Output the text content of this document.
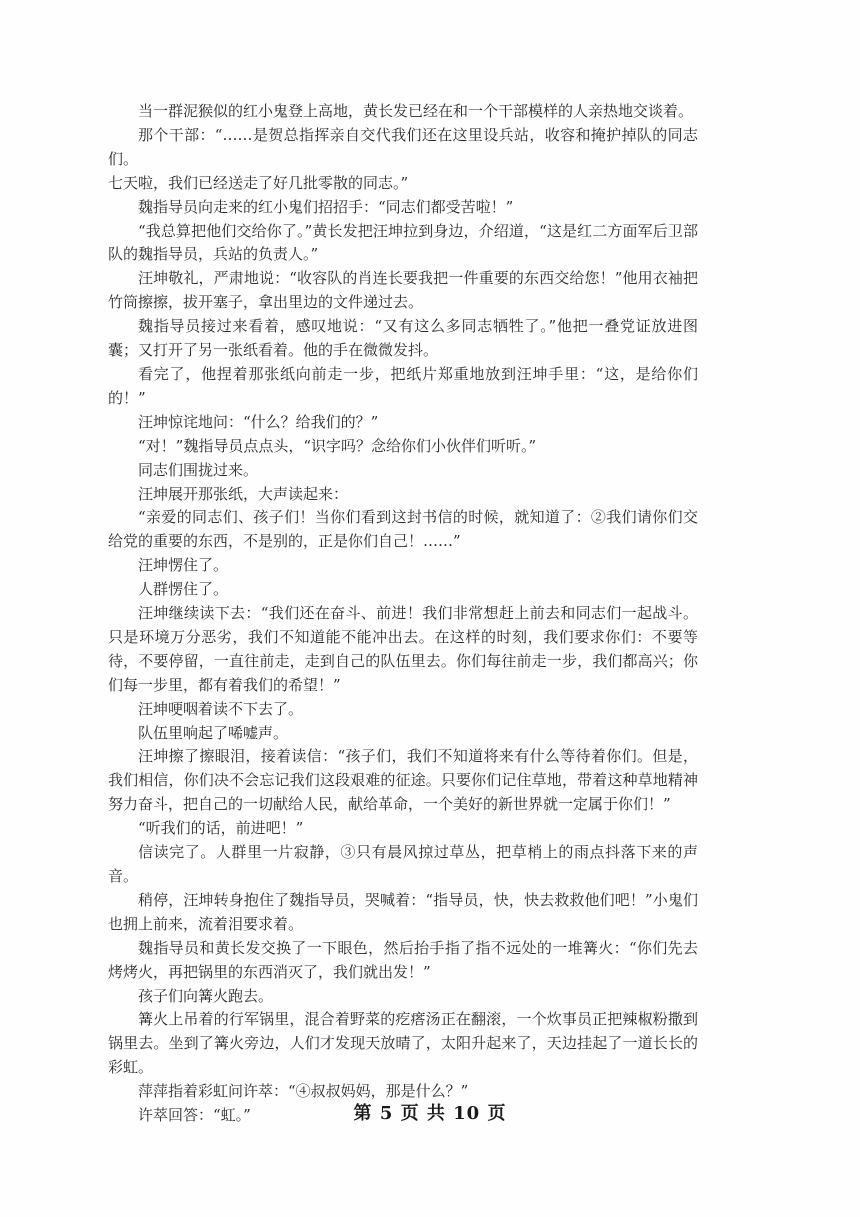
当一群泥猴似的红小鬼登上高地，黄长发已经在和一个干部模样的人亲热地交谈着。

那个干部：“……是贺总指挥亲自交代我们还在这里设兵站，收容和掩护掉队的同志们。

七天啦，我们已经送走了好几批零散的同志。”

魏指导员向走来的红小鬼们招招手：“同志们都受苦啦！”

“我总算把他们交给你了。”黄长发把汪坤拉到身边，介绍道，“这是红二方面军后卫部队的魏指导员，兵站的负责人。”

汪坤敬礼，严肃地说：“收容队的肖连长要我把一件重要的东西交给您！”他用衣袖把竹筒擦擦，拔开塞子，拿出里边的文件递过去。

魏指导员接过来看着，感叹地说：“又有这么多同志牺牲了。”他把一叠党证放进图囊；又打开了另一张纸看着。他的手在微微发抖。

看完了，他捏着那张纸向前走一步，把纸片郑重地放到汪坤手里：“这，是给你们的！”

汪坤惊诧地问：“什么？给我们的？”

“对！”魏指导员点点头，“识字吗？念给你们小伙伴们听听。”

同志们围拢过来。

汪坤展开那张纸，大声读起来：

“亲爱的同志们、孩子们！当你们看到这封书信的时候，就知道了：②我们请你们交给党的重要的东西，不是别的，正是你们自己！……”

汪坤愣住了。

人群愣住了。

汪坤继续读下去：“我们还在奋斗、前进！我们非常想赶上前去和同志们一起战斗。只是环境万分恶劣，我们不知道能不能冲出去。在这样的时刻，我们要求你们：不要等待，不要停留，一直往前走，走到自己的队伍里去。你们每往前走一步，我们都高兴；你们每一步里，都有着我们的希望！”

汪坤哽咽着读不下去了。

队伍里响起了唏嘘声。

汪坤擦了擦眼泪，接着读信：“孩子们，我们不知道将来有什么等待着你们。但是，我们相信，你们决不会忘记我们这段艰难的征途。只要你们记住草地，带着这种草地精神努力奋斗，把自己的一切献给人民，献给革命，一个美好的新世界就一定属于你们！”

“听我们的话，前进吧！”

信读完了。人群里一片寂静，③只有晨风掠过草丛，把草梢上的雨点抖落下来的声音。

稍停，汪坤转身抱住了魏指导员，哭喊着：“指导员，快，快去救救他们吧！”小鬼们也拥上前来，流着泪要求着。

魏指导员和黄长发交换了一下眼色，然后抬手指了指不远处的一堆篝火：“你们先去烤烤火，再把锅里的东西消灭了，我们就出发！”

孩子们向篝火跑去。

篝火上吊着的行军锅里，混合着野菜的疙瘩汤正在翻滚，一个炊事员正把辣椒粉撒到锅里去。坐到了篝火旁边，人们才发现天放晴了，太阳升起来了，天边挂起了一道长长的彩虹。

萍萍指着彩虹问许萃：“④叔叔妈妈，那是什么？”

许萃回答：“虹。”	第 5 页 共 10 页
